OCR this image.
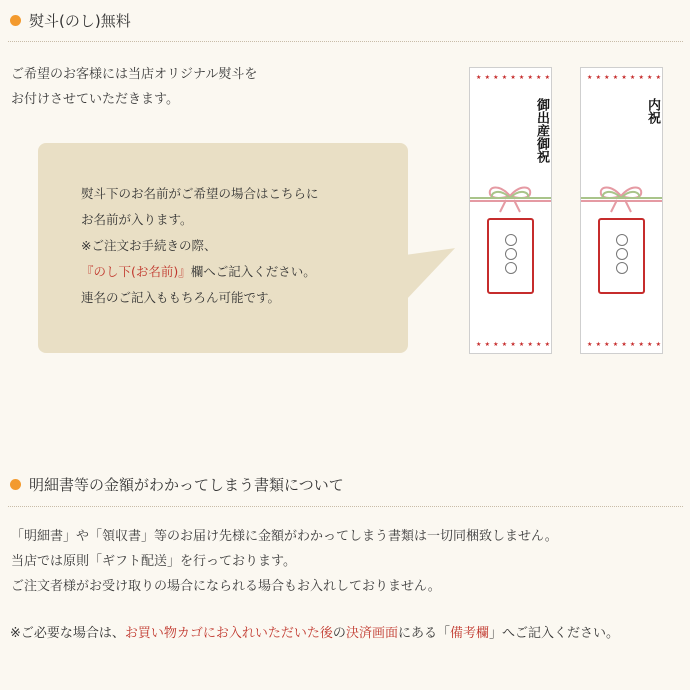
熨斗(のし)無料
ご希望のお客様には当店オリジナル熨斗を
お付けさせていただきます。
熨斗下のお名前がご希望の場合はこちらに
お名前が入ります。
※ご注文お手続きの際、
『のし下(お名前)』欄へご記入ください。
連名のご記入ももちろん可能です。
★★★★★★★★★
御出産御祝
★★★★★★★★★
★★★★★★★★★
内祝
★★★★★★★★★
明細書等の金額がわかってしまう書類について
「明細書」や「領収書」等のお届け先様に金額がわかってしまう書類は一切同梱致しません。
当店では原則「ギフト配送」を行っております。
ご注文者様がお受け取りの場合になられる場合もお入れしておりません。
※ご必要な場合は、お買い物カゴにお入れいただいた後の決済画面にある「備考欄」へご記入ください。
